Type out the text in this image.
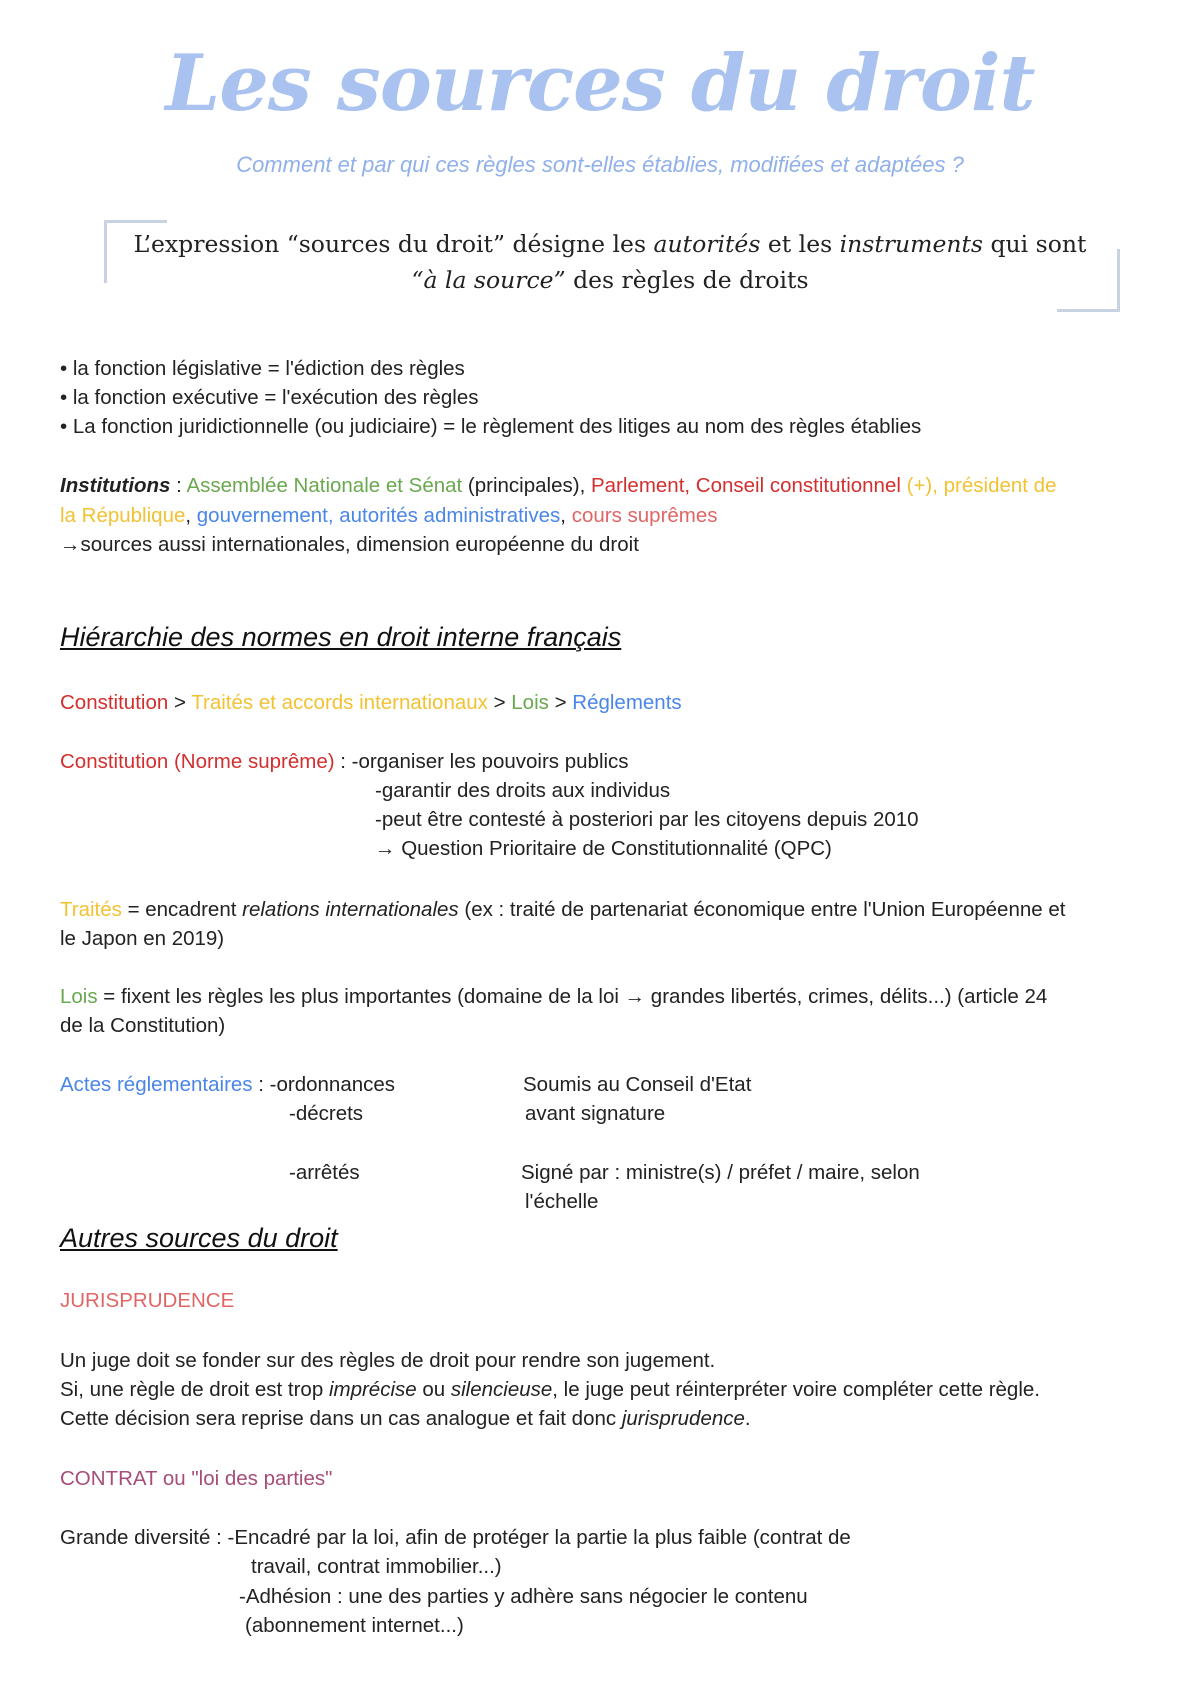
Les sources du droit
Comment et par qui ces règles sont-elles établies, modifiées et adaptées ?
L’expression “sources du droit” désigne les autorités et les instruments qui sont
“à la source” des règles de droits
• la fonction législative = l'édiction des règles
• la fonction exécutive = l'exécution des règles
• La fonction juridictionnelle (ou judiciaire) = le règlement des litiges au nom des règles établies
Institutions : Assemblée Nationale et Sénat (principales), Parlement, Conseil constitutionnel (+), président de
la République, gouvernement, autorités administratives, cours suprêmes
→sources aussi internationales, dimension européenne du droit
Hiérarchie des normes en droit interne français
Constitution > Traités et accords internationaux > Lois > Réglements
Constitution (Norme suprême) : -organiser les pouvoirs publics
-garantir des droits aux individus
-peut être contesté à posteriori par les citoyens depuis 2010
→ Question Prioritaire de Constitutionnalité (QPC)
Traités = encadrent relations internationales (ex : traité de partenariat économique entre l'Union Européenne et
le Japon en 2019)
Lois = fixent les règles les plus importantes (domaine de la loi → grandes libertés, crimes, délits...) (article 24
de la Constitution)
Actes réglementaires : -ordonnances
-décrets
-arrêtés
Soumis au Conseil d'Etat
avant signature
Signé par : ministre(s) / préfet / maire, selon
l'échelle
Autres sources du droit
JURISPRUDENCE
Un juge doit se fonder sur des règles de droit pour rendre son jugement.
Si, une règle de droit est trop imprécise ou silencieuse, le juge peut réinterpréter voire compléter cette règle.
Cette décision sera reprise dans un cas analogue et fait donc jurisprudence.
CONTRAT ou "loi des parties"
Grande diversité : -Encadré par la loi, afin de protéger la partie la plus faible (contrat de
travail, contrat immobilier...)
-Adhésion : une des parties y adhère sans négocier le contenu
(abonnement internet...)
